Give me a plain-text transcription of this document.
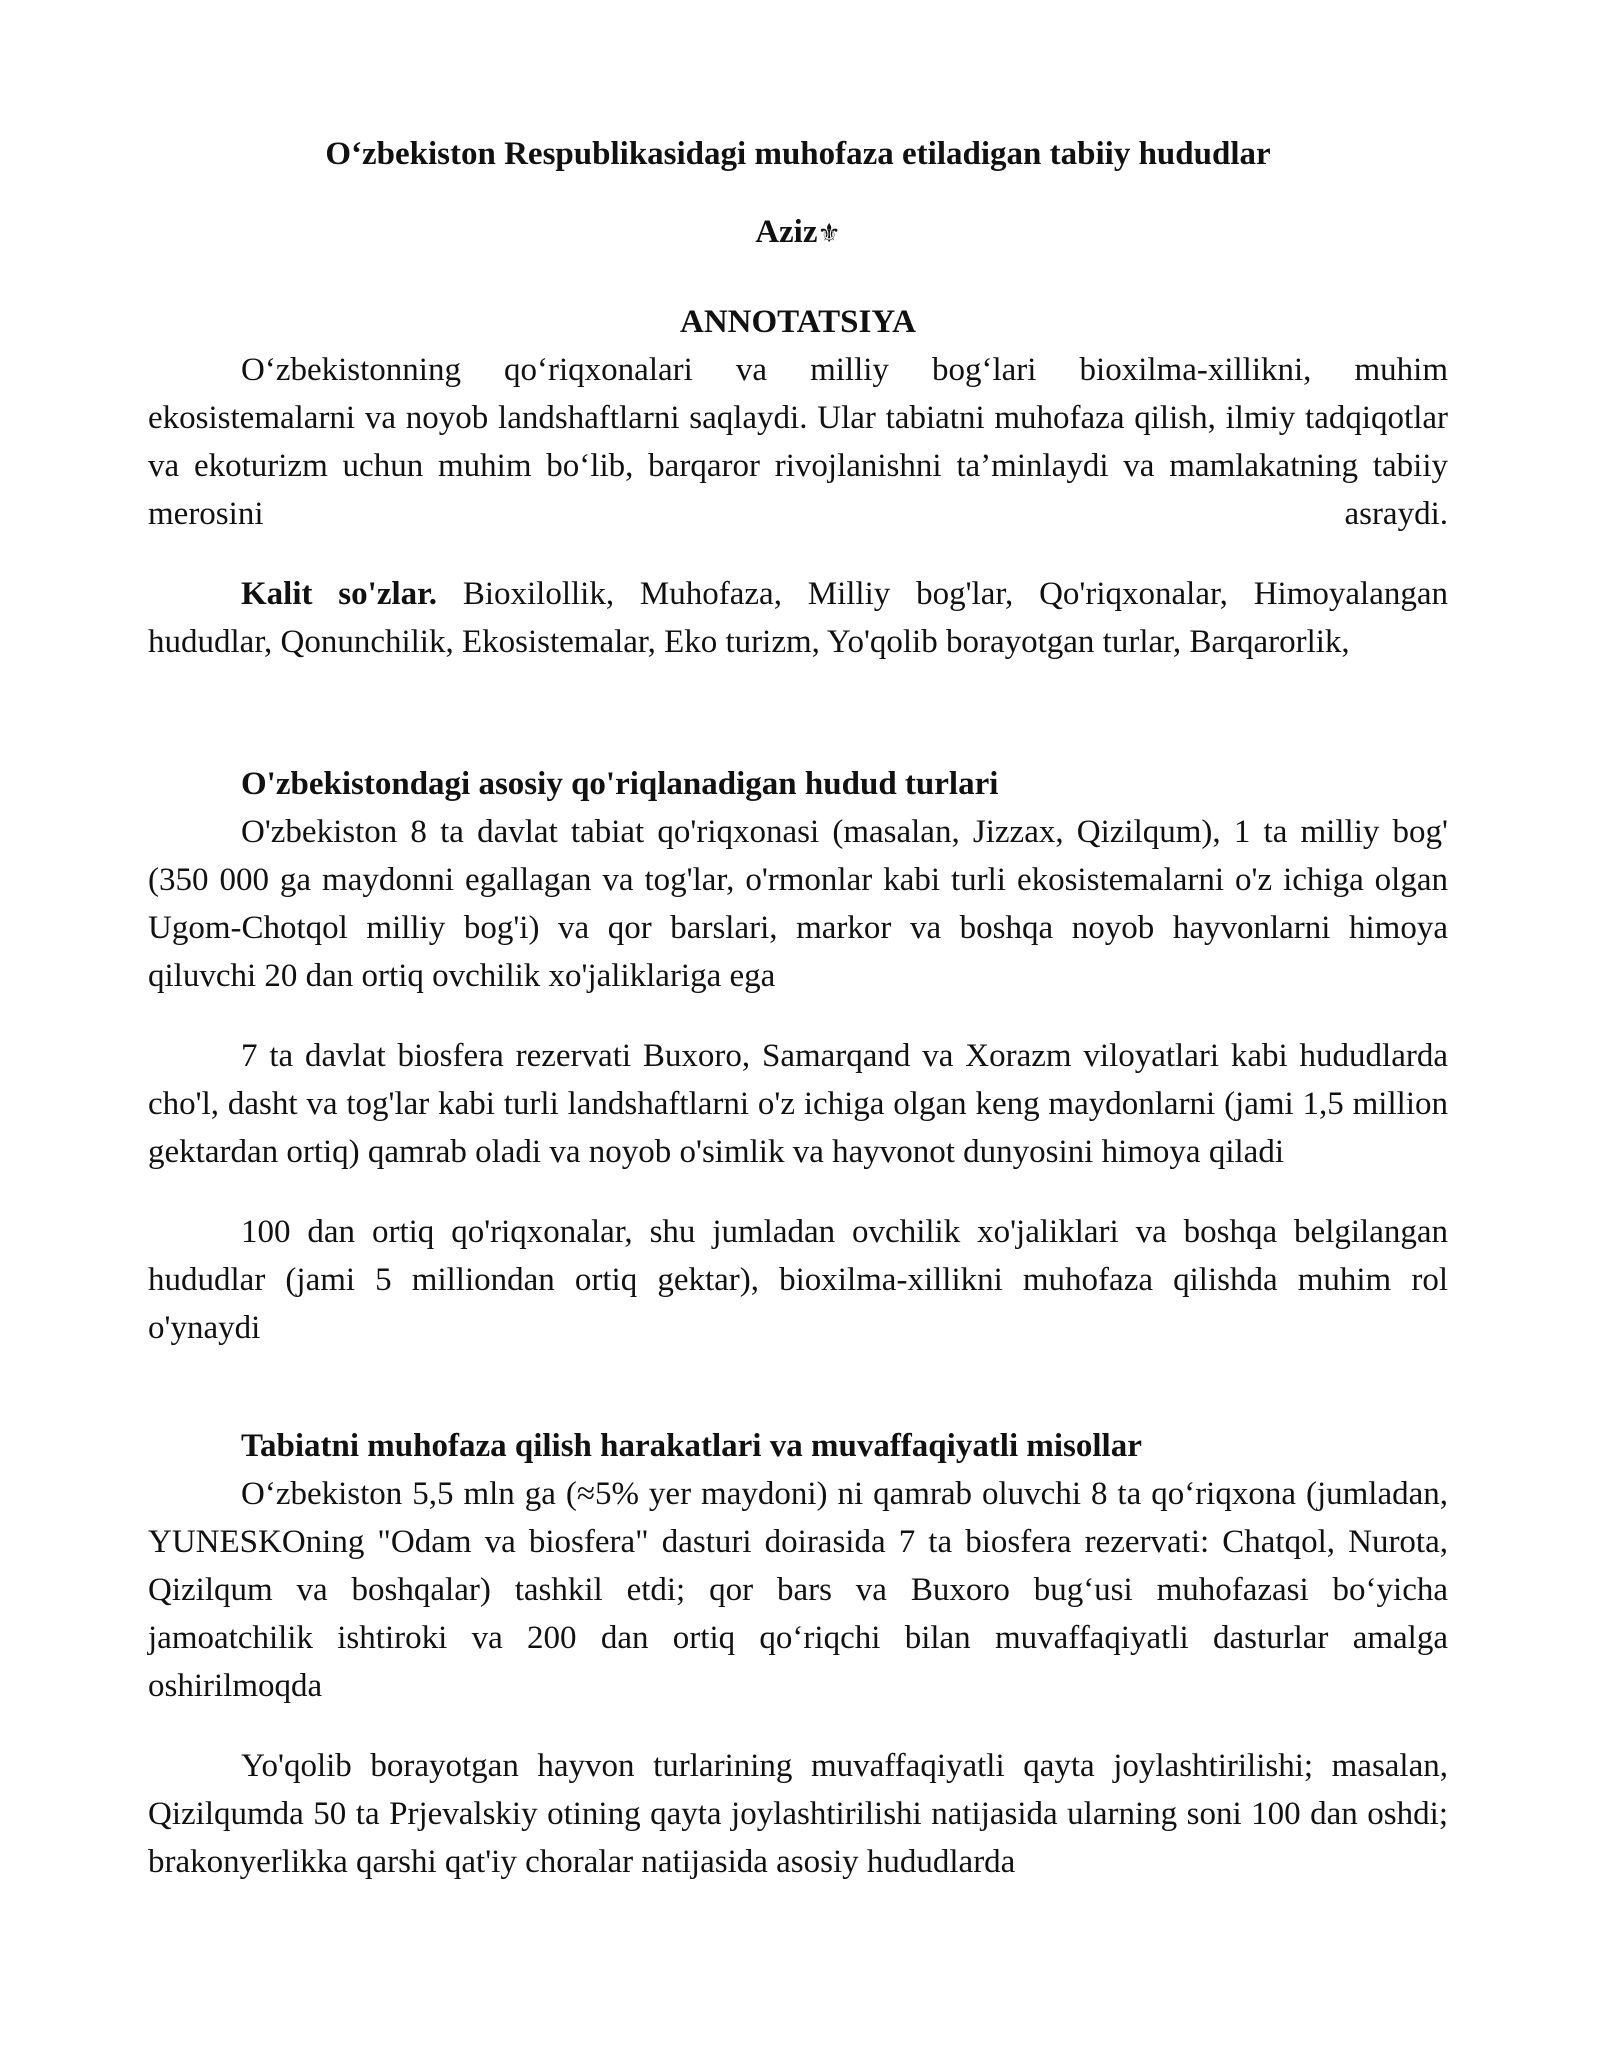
O‘zbekiston Respublikasidagi muhofaza etiladigan tabiiy hududlar

Aziz⚜

ANNOTATSIYA

O‘zbekistonning qo‘riqxonalari va milliy bog‘lari bioxilma-xillikni, muhim ekosistemalarni va noyob landshaftlarni saqlaydi. Ular tabiatni muhofaza qilish, ilmiy tadqiqotlar va ekoturizm uchun muhim bo‘lib, barqaror rivojlanishni ta’minlaydi va mamlakatning tabiiy merosini asraydi.

Kalit so'zlar. Bioxilollik, Muhofaza, Milliy bog'lar, Qo'riqxonalar, Himoyalangan hududlar, Qonunchilik, Ekosistemalar, Eko turizm, Yo'qolib borayotgan turlar, Barqarorlik,

O'zbekistondagi asosiy qo'riqlanadigan hudud turlari

O'zbekiston 8 ta davlat tabiat qo'riqxonasi (masalan, Jizzax, Qizilqum), 1 ta milliy bog' (350 000 ga maydonni egallagan va tog'lar, o'rmonlar kabi turli ekosistemalarni o'z ichiga olgan Ugom-Chotqol milliy bog'i) va qor barslari, markor va boshqa noyob hayvonlarni himoya qiluvchi 20 dan ortiq ovchilik xo'jaliklariga ega

7 ta davlat biosfera rezervati Buxoro, Samarqand va Xorazm viloyatlari kabi hududlarda cho'l, dasht va tog'lar kabi turli landshaftlarni o'z ichiga olgan keng maydonlarni (jami 1,5 million gektardan ortiq) qamrab oladi va noyob o'simlik va hayvonot dunyosini himoya qiladi

100 dan ortiq qo'riqxonalar, shu jumladan ovchilik xo'jaliklari va boshqa belgilangan hududlar (jami 5 milliondan ortiq gektar), bioxilma-xillikni muhofaza qilishda muhim rol o'ynaydi

Tabiatni muhofaza qilish harakatlari va muvaffaqiyatli misollar

O‘zbekiston 5,5 mln ga (≈5% yer maydoni) ni qamrab oluvchi 8 ta qo‘riqxona (jumladan, YUNESKOning "Odam va biosfera" dasturi doirasida 7 ta biosfera rezervati: Chatqol, Nurota, Qizilqum va boshqalar) tashkil etdi; qor bars va Buxoro bug‘usi muhofazasi bo‘yicha jamoatchilik ishtiroki va 200 dan ortiq qo‘riqchi bilan muvaffaqiyatli dasturlar amalga oshirilmoqda

Yo'qolib borayotgan hayvon turlarining muvaffaqiyatli qayta joylashtirilishi; masalan, Qizilqumda 50 ta Prjevalskiy otining qayta joylashtirilishi natijasida ularning soni 100 dan oshdi; brakonyerlikka qarshi qat'iy choralar natijasida asosiy hududlarda
